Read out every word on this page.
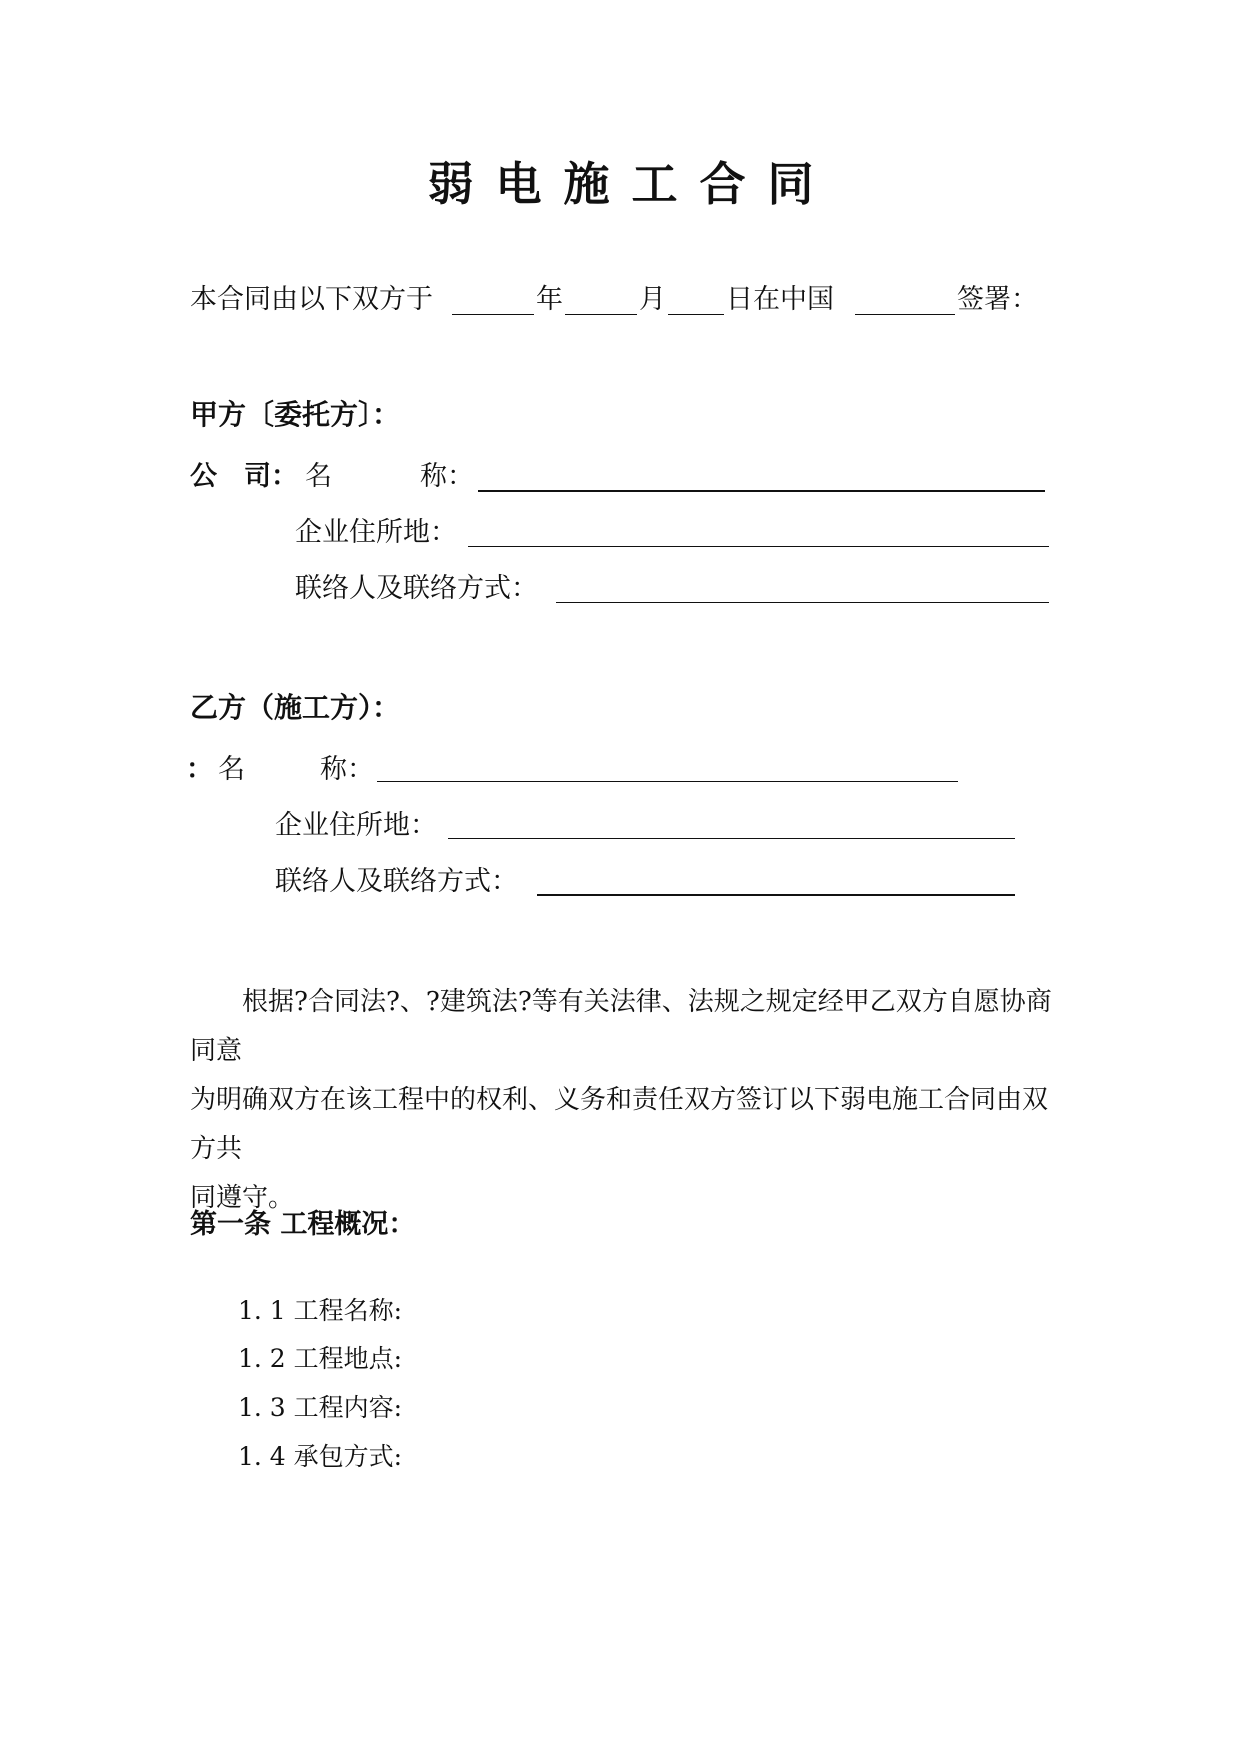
弱电施工合同
本合同由以下双方于	年	月 日在中国	签署：
甲方〔委托方〕：
公　司： 名	称：
企业住所地：
联络人及联络方式：
乙方（施工方）：
： 名	称：
企业住所地：
联络人及联络方式：
根据?合同法?、?建筑法?等有关法律、法规之规定经甲乙双方自愿协商同意
为明确双方在该工程中的权利、义务和责任双方签订以下弱电施工合同由双方共
同遵守。
第一条 工程概况：
1. 1 工程名称:
1. 2 工程地点:
1. 3 工程内容:
1. 4 承包方式:
